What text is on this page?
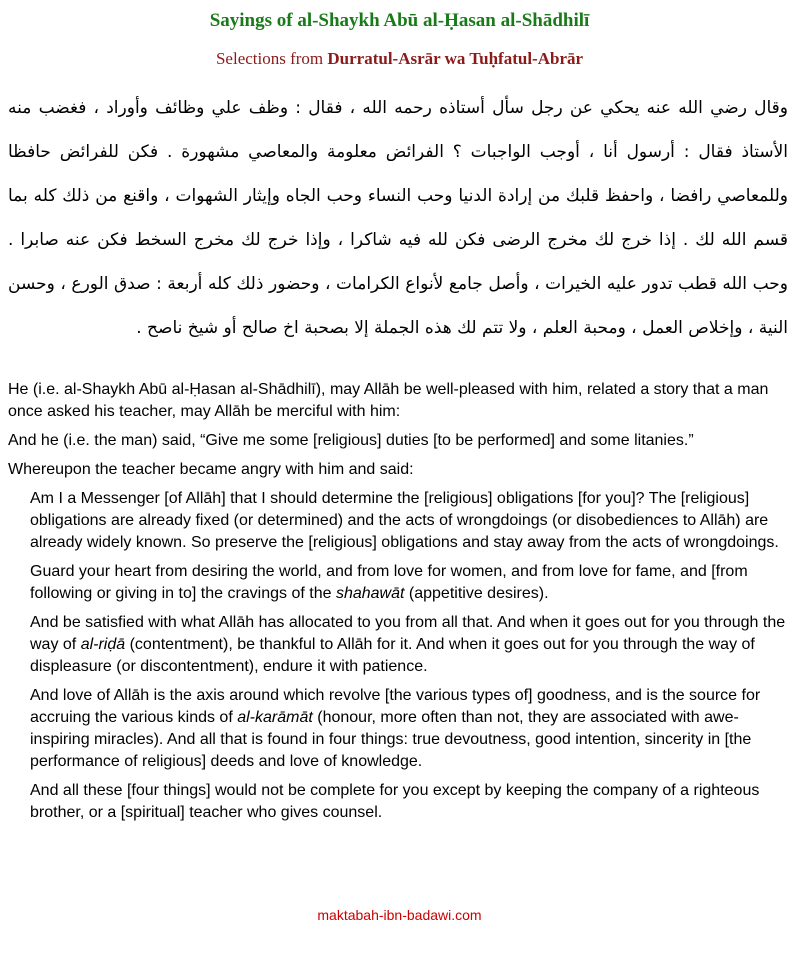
Sayings of al-Shaykh Abū al-Ḥasan al-Shādhilī
Selections from Durratul-Asrār wa Tuḥfatul-Abrār

وقال رضي الله عنه يحكي عن رجل سأل أستاذه رحمه الله ، فقال : وظف علي وظائف وأوراد ، فغضب منه الأستاذ فقال : أرسول أنا ، أوجب الواجبات ؟ الفرائض معلومة والمعاصي مشهورة . فكن للفرائض حافظا وللمعاصي رافضا ، واحفظ قلبك من إرادة الدنيا وحب النساء وحب الجاه وإيثار الشهوات ، واقنع من ذلك كله بما قسم الله لك . إذا خرج لك مخرج الرضى فكن لله فيه شاكرا ، وإذا خرج لك مخرج السخط فكن عنه صابرا . وحب الله قطب تدور عليه الخيرات ، وأصل جامع لأنواع الكرامات ، وحضور ذلك كله أربعة : صدق الورع ، وحسن النية ، وإخلاص العمل ، ومحبة العلم ، ولا تتم لك هذه الجملة إلا بصحبة اخ صالح أو شيخ ناصح .

He (i.e. al-Shaykh Abū al-Ḥasan al-Shādhilī), may Allāh be well-pleased with him, related a story that a man once asked his teacher, may Allāh be merciful with him:

And he (i.e. the man) said, “Give me some [religious] duties [to be performed] and some litanies.”

Whereupon the teacher became angry with him and said:

Am I a Messenger [of Allāh] that I should determine the [religious] obligations [for you]? The [religious] obligations are already fixed (or determined) and the acts of wrongdoings (or disobediences to Allāh) are already widely known. So preserve the [religious] obligations and stay away from the acts of wrongdoings.

Guard your heart from desiring the world, and from love for women, and from love for fame, and [from following or giving in to] the cravings of the shahawāt (appetitive desires).

And be satisfied with what Allāh has allocated to you from all that. And when it goes out for you through the way of al-riḍā (contentment), be thankful to Allāh for it. And when it goes out for you through the way of displeasure (or discontentment), endure it with patience.

And love of Allāh is the axis around which revolve [the various types of] goodness, and is the source for accruing the various kinds of al-karāmāt (honour, more often than not, they are associated with awe-inspiring miracles). And all that is found in four things: true devoutness, good intention, sincerity in [the performance of religious] deeds and love of knowledge.

And all these [four things] would not be complete for you except by keeping the company of a righteous brother, or a [spiritual] teacher who gives counsel.

maktabah-ibn-badawi.com
